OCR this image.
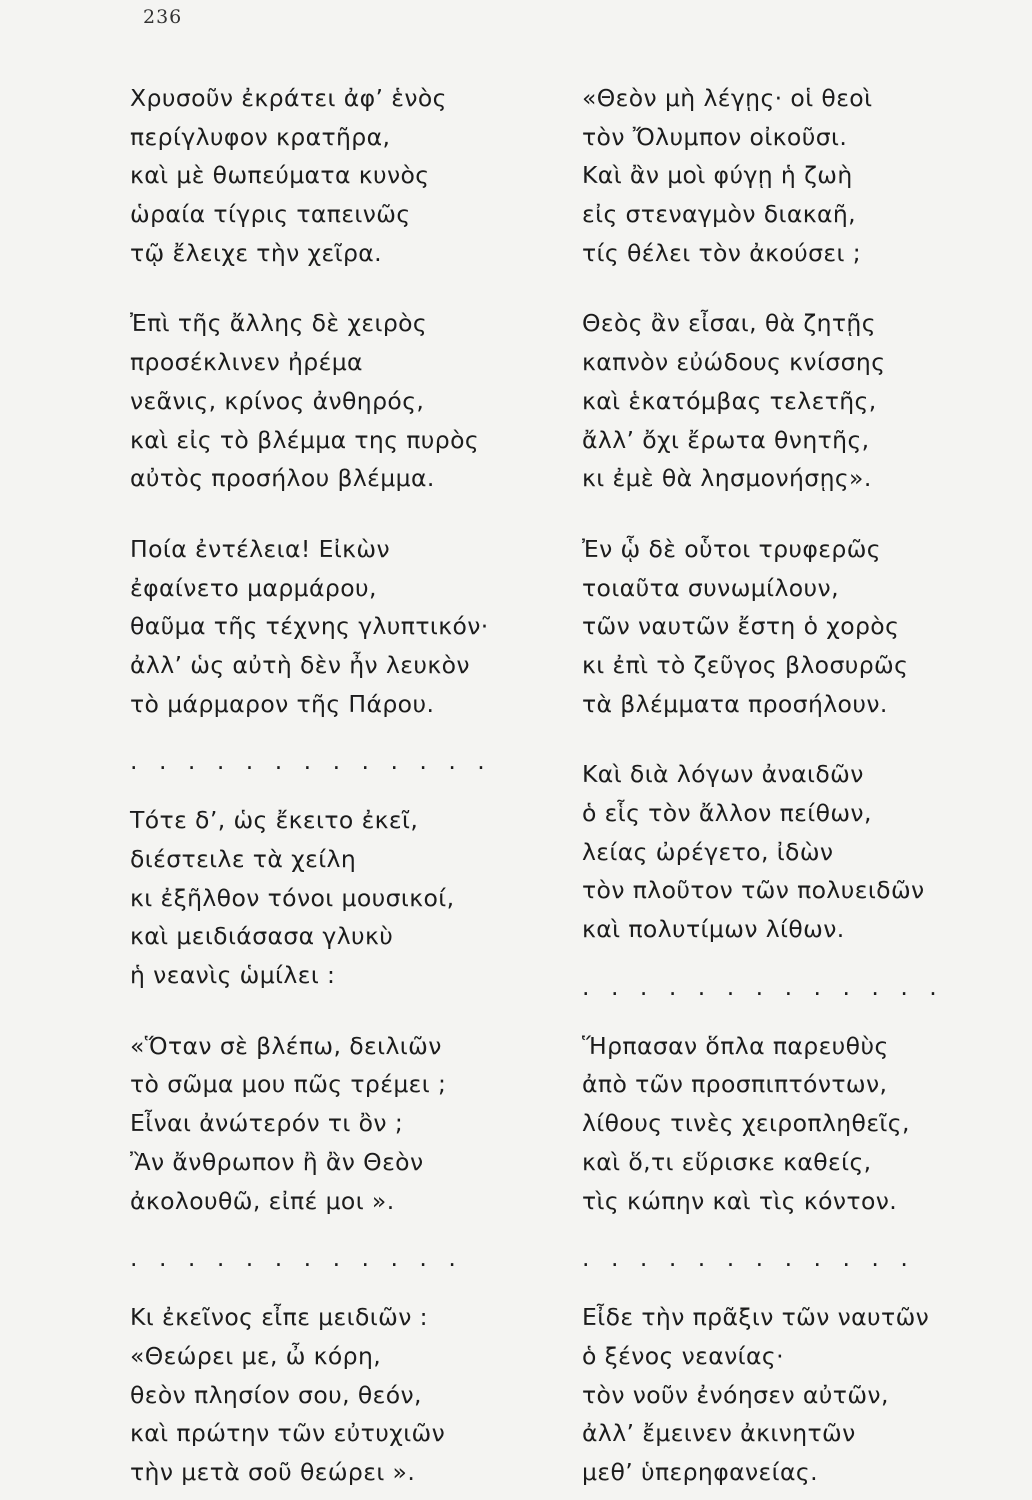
236
Χρυσοῦν ἐκράτει ἀφ’ ἑνὸς
περίγλυφον κρατῆρα,
καὶ μὲ θωπεύματα κυνὸς
ὡραία τίγρις ταπεινῶς
τῷ ἔλειχε τὴν χεῖρα.
Ἐπὶ τῆς ἄλλης δὲ χειρὸς
προσέκλινεν ἠρέμα
νεᾶνις, κρίνος ἀνθηρός,
καὶ εἰς τὸ βλέμμα της πυρὸς
αὐτὸς προσήλου βλέμμα.
Ποία ἐντέλεια! Εἰκὼν
ἐφαίνετο μαρμάρου,
θαῦμα τῆς τέχνης γλυπτικόν·
ἀλλ’ ὡς αὐτὴ δὲν ἦν λευκὸν
τὸ μάρμαρον τῆς Πάρου.
. . . . . . . . . . . . .
Τότε δ’, ὡς ἔκειτο ἐκεῖ,
διέστειλε τὰ χείλη
κι ἐξῆλθον τόνοι μουσικοί,
καὶ μειδιάσασα γλυκὺ
ἡ νεανὶς ὡμίλει :
«Ὅταν σὲ βλέπω, δειλιῶν
τὸ σῶμα μου πῶς τρέμει ;
Εἶναι ἀνώτερόν τι ὂν ;
Ἂν ἄνθρωπον ἢ ἂν Θεὸν
ἀκολουθῶ, εἰπέ μοι ».
. . . . . . . . . . . .
Κι ἐκεῖνος εἶπε μειδιῶν :
«Θεώρει με, ὦ κόρη,
θεὸν πλησίον σου, θεόν,
καὶ πρώτην τῶν εὐτυχιῶν
τὴν μετὰ σοῦ θεώρει ».
«Θεὸν μὴ λέγῃς· οἱ θεοὶ
τὸν Ὄλυμπον οἰκοῦσι.
Καὶ ἂν μοὶ φύγῃ ἡ ζωὴ
εἰς στεναγμὸν διακαῆ,
τίς θέλει τὸν ἀκούσει ;
Θεὸς ἂν εἶσαι, θὰ ζητῇς
καπνὸν εὐώδους κνίσσης
καὶ ἑκατόμβας τελετῆς,
ἄλλ’ ὄχι ἔρωτα θνητῆς,
κι ἐμὲ θὰ λησμονήσῃς».
Ἐν ᾧ δὲ οὗτοι τρυφερῶς
τοιαῦτα συνωμίλουν,
τῶν ναυτῶν ἔστη ὁ χορὸς
κι ἐπὶ τὸ ζεῦγος βλοσυρῶς
τὰ βλέμματα προσήλουν.
Καὶ διὰ λόγων ἀναιδῶν
ὁ εἷς τὸν ἄλλον πείθων,
λείας ὠρέγετο, ἰδὼν
τὸν πλοῦτον τῶν πολυειδῶν
καὶ πολυτίμων λίθων.
. . . . . . . . . . . . .
Ἥρπασαν ὅπλα παρευθὺς
ἀπὸ τῶν προσπιπτόντων,
λίθους τινὲς χειροπληθεῖς,
καὶ ὅ,τι εὕρισκε καθείς,
τὶς κώπην καὶ τὶς κόντον.
. . . . . . . . . . . .
Εἶδε τὴν πρᾶξιν τῶν ναυτῶν
ὁ ξένος νεανίας·
τὸν νοῦν ἐνόησεν αὐτῶν,
ἀλλ’ ἔμεινεν ἀκινητῶν
μεθ’ ὑπερηφανείας.
